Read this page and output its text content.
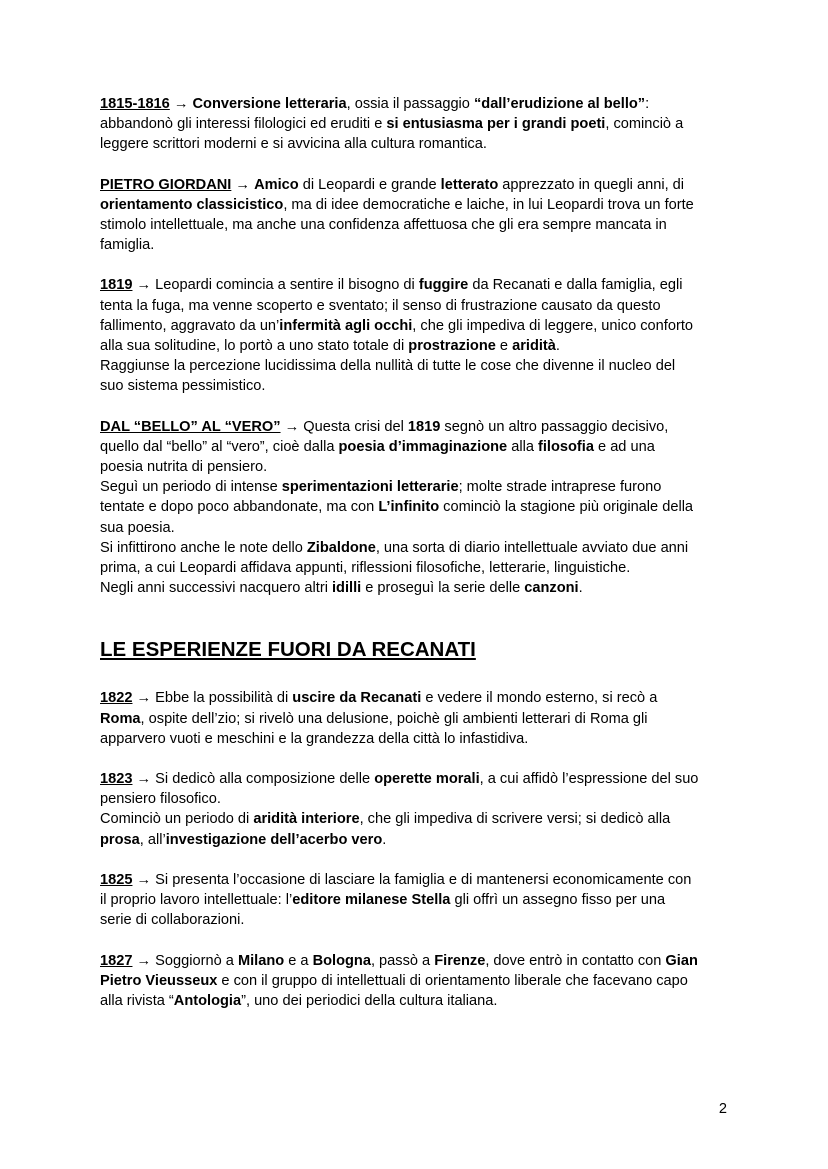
1815-1816 → Conversione letteraria, ossia il passaggio “dall’erudizione al bello”:
abbandonò gli interessi filologici ed eruditi e si entusiasma per i grandi poeti, cominciò a
leggere scrittori moderni e si avvicina alla cultura romantica.

PIETRO GIORDANI → Amico di Leopardi e grande letterato apprezzato in quegli anni, di
orientamento classicistico, ma di idee democratiche e laiche, in lui Leopardi trova un forte
stimolo intellettuale, ma anche una confidenza affettuosa che gli era sempre mancata in
famiglia.

1819 → Leopardi comincia a sentire il bisogno di fuggire da Recanati e dalla famiglia, egli
tenta la fuga, ma venne scoperto e sventato; il senso di frustrazione causato da questo
fallimento, aggravato da un’infermità agli occhi, che gli impediva di leggere, unico conforto
alla sua solitudine, lo portò a uno stato totale di prostrazione e aridità.
Raggiunse la percezione lucidissima della nullità di tutte le cose che divenne il nucleo del
suo sistema pessimistico.

DAL “BELLO” AL “VERO” → Questa crisi del 1819 segnò un altro passaggio decisivo,
quello dal “bello” al “vero”, cioè dalla poesia d’immaginazione alla filosofia e ad una
poesia nutrita di pensiero.
Seguì un periodo di intense sperimentazioni letterarie; molte strade intraprese furono
tentate e dopo poco abbandonate, ma con L’infinito cominciò la stagione più originale della
sua poesia.
Si infittirono anche le note dello Zibaldone, una sorta di diario intellettuale avviato due anni
prima, a cui Leopardi affidava appunti, riflessioni filosofiche, letterarie, linguistiche.
Negli anni successivi nacquero altri idilli e proseguì la serie delle canzoni.

LE ESPERIENZE FUORI DA RECANATI

1822 → Ebbe la possibilità di uscire da Recanati e vedere il mondo esterno, si recò a
Roma, ospite dell’zio; si rivelò una delusione, poichè gli ambienti letterari di Roma gli
apparvero vuoti e meschini e la grandezza della città lo infastidiva.

1823 → Si dedicò alla composizione delle operette morali, a cui affidò l’espressione del suo
pensiero filosofico.
Cominciò un periodo di aridità interiore, che gli impediva di scrivere versi; si dedicò alla
prosa, all’investigazione dell’acerbo vero.

1825 → Si presenta l’occasione di lasciare la famiglia e di mantenersi economicamente con
il proprio lavoro intellettuale: l’editore milanese Stella gli offrì un assegno fisso per una
serie di collaborazioni.

1827 → Soggiornò a Milano e a Bologna, passò a Firenze, dove entrò in contatto con Gian
Pietro Vieusseux e con il gruppo di intellettuali di orientamento liberale che facevano capo
alla rivista “Antologia”, uno dei periodici della cultura italiana.

2
